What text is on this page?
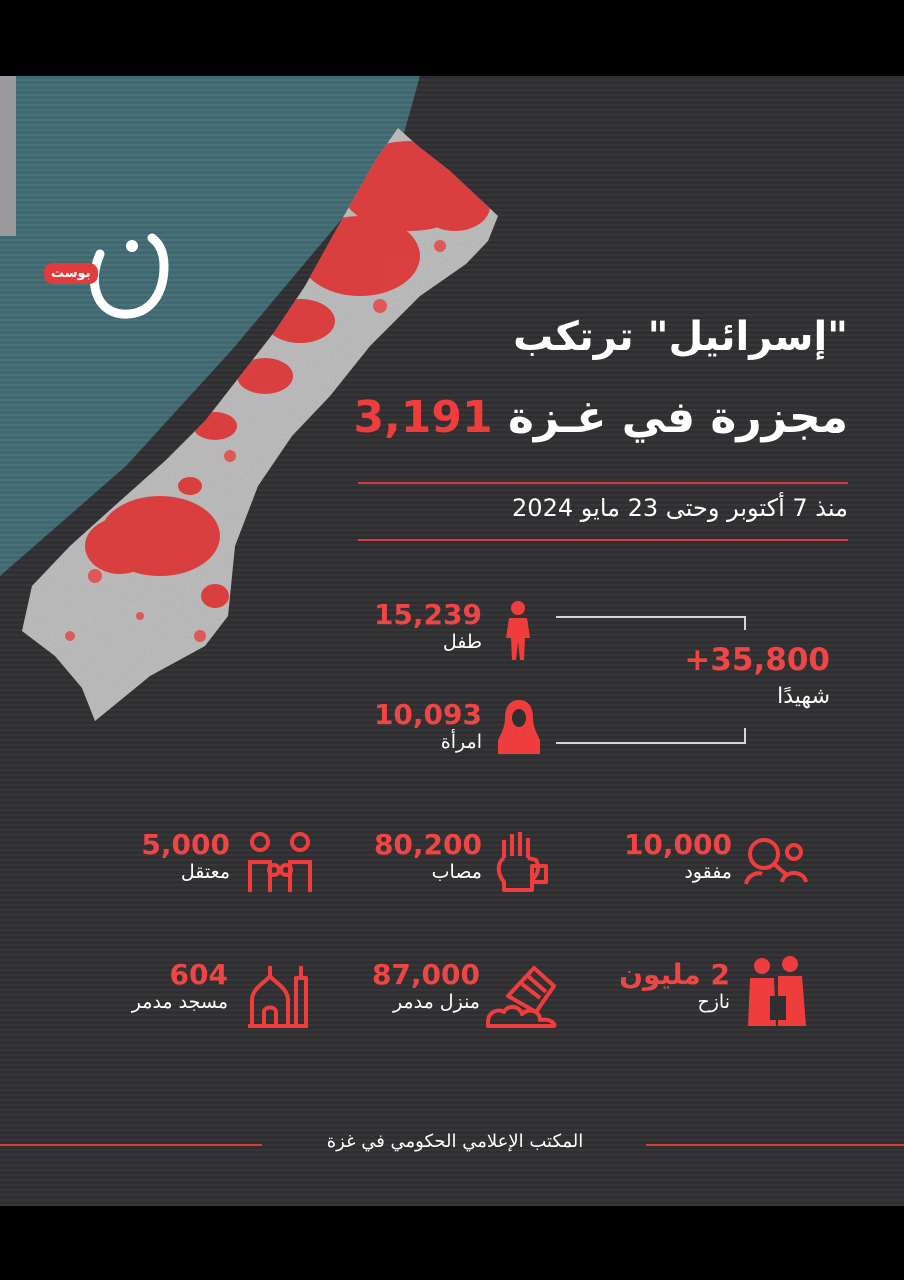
بوست
"إسرائيل" ترتكب
مجزرة في غـزة 3,191
منذ 7 أكتوبر وحتى 23 مايو 2024
15,239
طفل
10,093
امرأة
+35,800
شهيدًا
10,000
مفقود
80,200
مصاب
5,000
معتقل
2 مليون
نازح
87,000
منزل مدمر
604
مسجد مدمر
المكتب الإعلامي الحكومي في غزة
